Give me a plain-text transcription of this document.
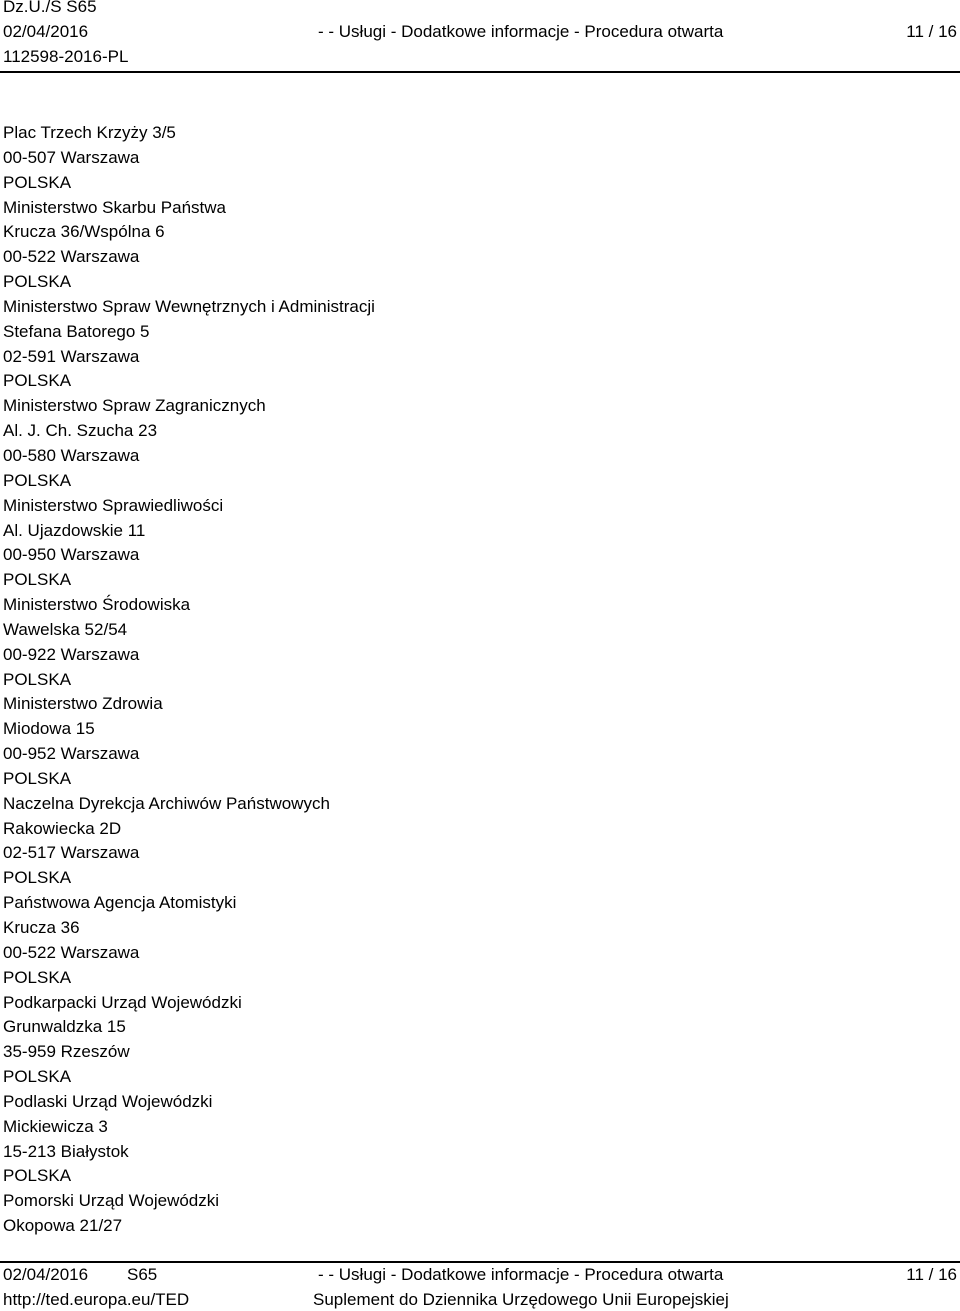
Dz.U./S S65
02/04/2016	- - Usługi - Dodatkowe informacje - Procedura otwarta	11 / 16
112598-2016-PL
Plac Trzech Krzyży 3/5
00-507 Warszawa
POLSKA
Ministerstwo Skarbu Państwa
Krucza 36/Wspólna 6
00-522 Warszawa
POLSKA
Ministerstwo Spraw Wewnętrznych i Administracji
Stefana Batorego 5
02-591 Warszawa
POLSKA
Ministerstwo Spraw Zagranicznych
Al. J. Ch. Szucha 23
00-580 Warszawa
POLSKA
Ministerstwo Sprawiedliwości
Al. Ujazdowskie 11
00-950 Warszawa
POLSKA
Ministerstwo Środowiska
Wawelska 52/54
00-922 Warszawa
POLSKA
Ministerstwo Zdrowia
Miodowa 15
00-952 Warszawa
POLSKA
Naczelna Dyrekcja Archiwów Państwowych
Rakowiecka 2D
02-517 Warszawa
POLSKA
Państwowa Agencja Atomistyki
Krucza 36
00-522 Warszawa
POLSKA
Podkarpacki Urząd Wojewódzki
Grunwaldzka 15
35-959 Rzeszów
POLSKA
Podlaski Urząd Wojewódzki
Mickiewicza 3
15-213 Białystok
POLSKA
Pomorski Urząd Wojewódzki
Okopowa 21/27
02/04/2016 S65	- - Usługi - Dodatkowe informacje - Procedura otwarta	11 / 16
http://ted.europa.eu/TED	Suplement do Dziennika Urzędowego Unii Europejskiej
